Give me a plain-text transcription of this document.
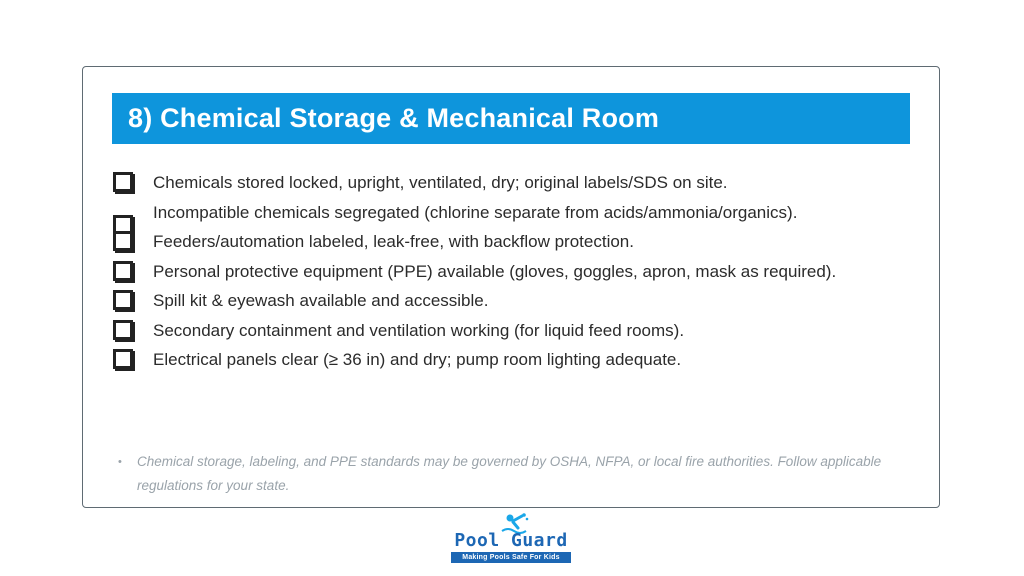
8) Chemical Storage & Mechanical Room
Chemicals stored locked, upright, ventilated, dry; original labels/SDS on site.
Incompatible chemicals segregated (chlorine separate from acids/ammonia/organics).
Feeders/automation labeled, leak-free, with backflow protection.
Personal protective equipment (PPE) available (gloves, goggles, apron, mask as required).
Spill kit & eyewash available and accessible.
Secondary containment and ventilation working (for liquid feed rooms).
Electrical panels clear (≥ 36 in) and dry; pump room lighting adequate.
•	Chemical storage, labeling, and PPE standards may be governed by OSHA, NFPA, or local fire authorities. Follow applicable regulations for your state.
Pool Guard
Making Pools Safe For Kids
